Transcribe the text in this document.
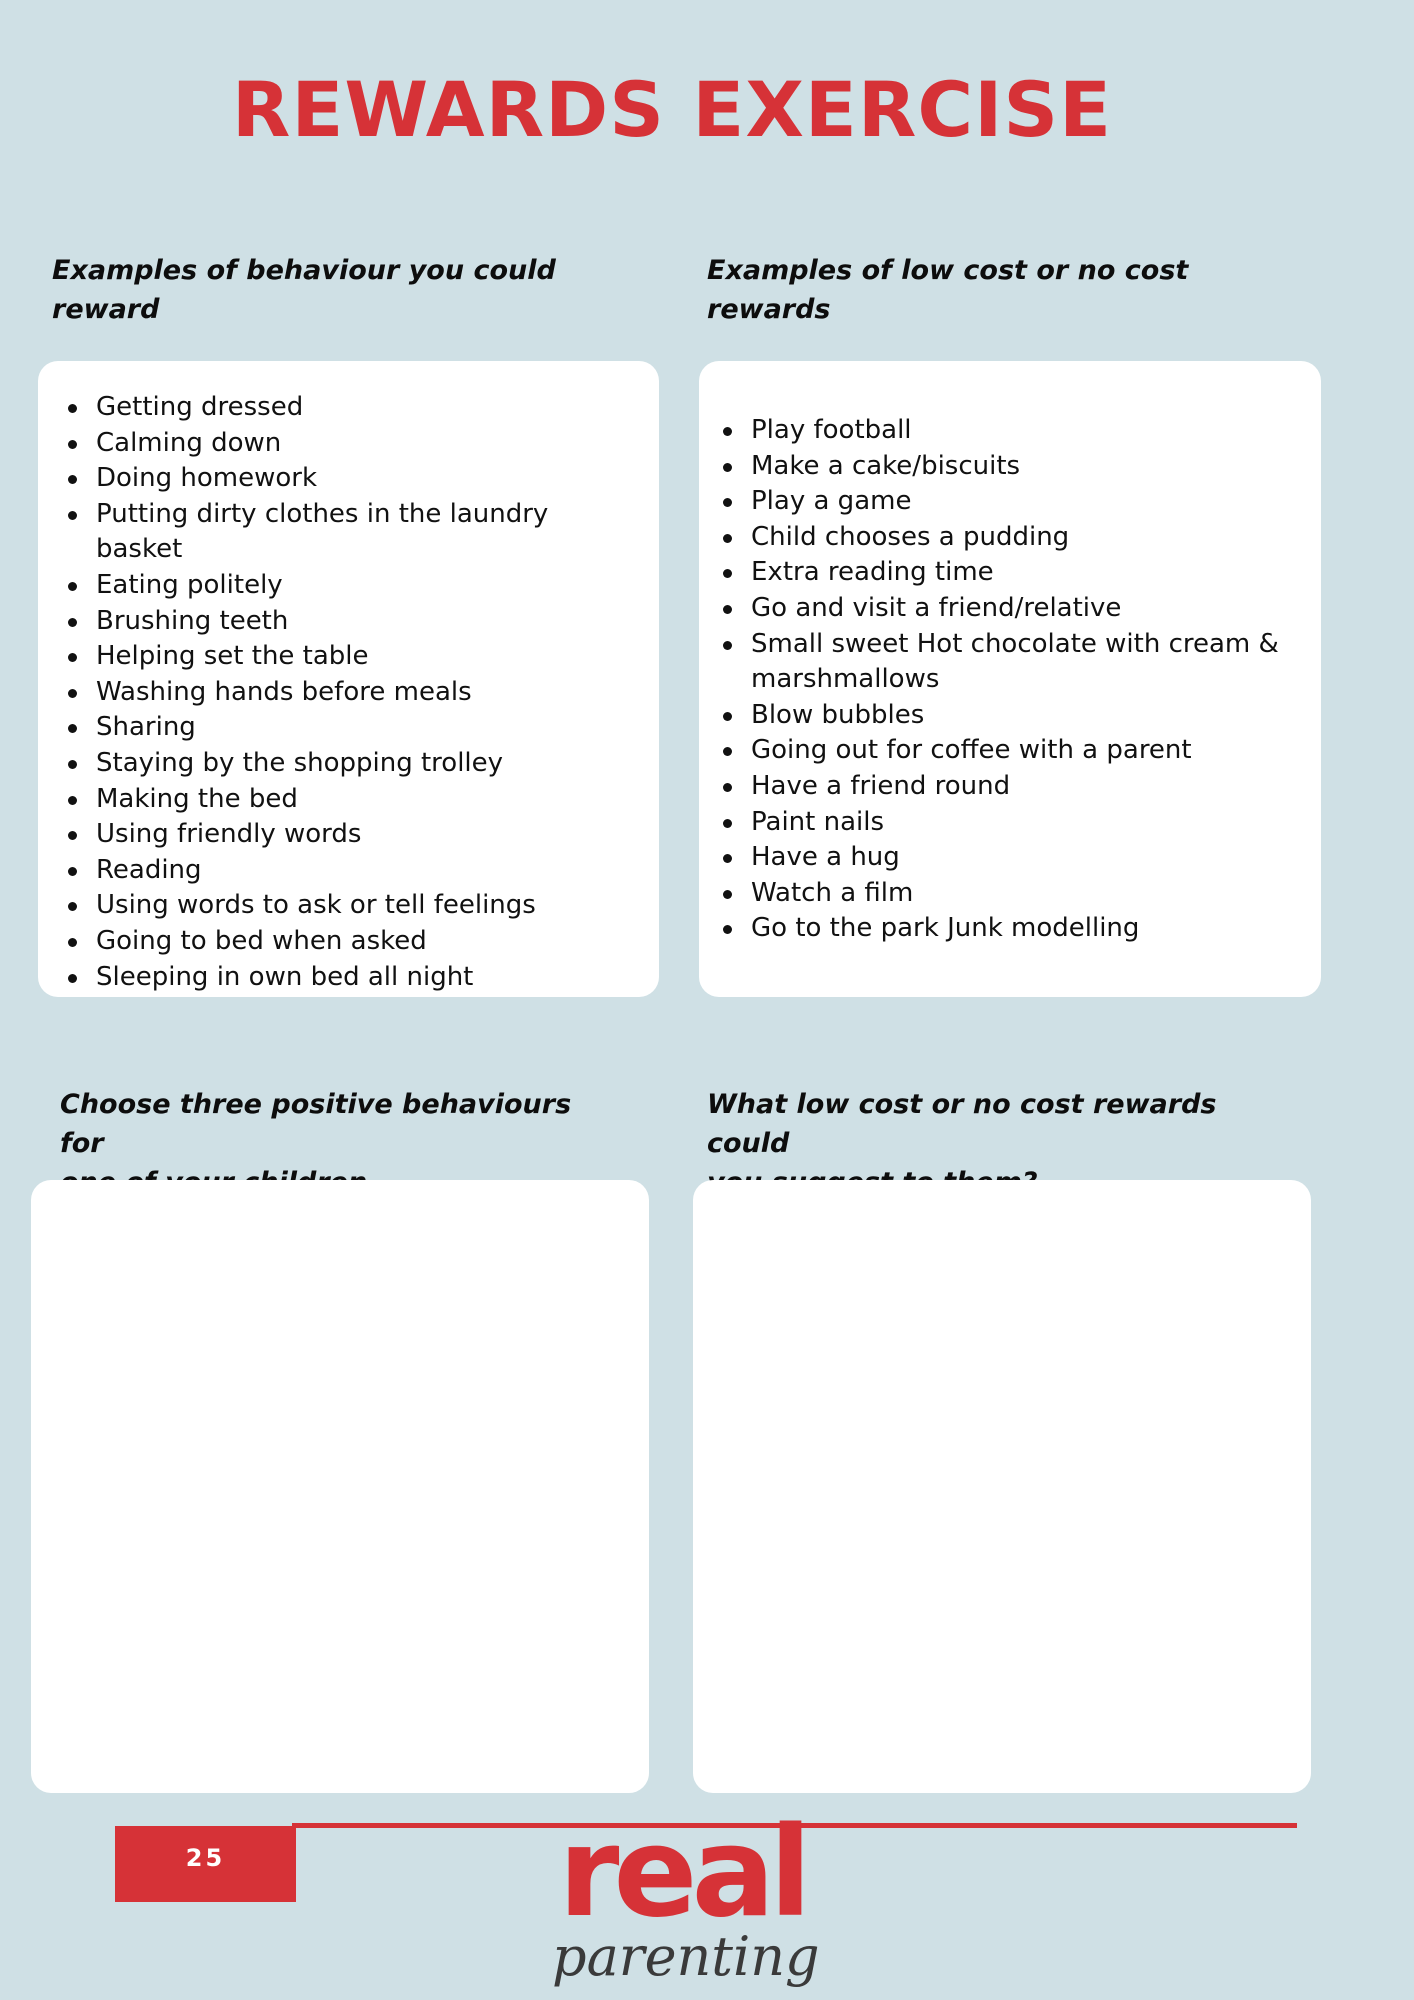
REWARDS EXERCISE
Examples of behaviour you could
reward
Examples of low cost or no cost
rewards
Getting dressed
Calming down
Doing homework
Putting dirty clothes in the laundry basket
Eating politely
Brushing teeth
Helping set the table
Washing hands before meals
Sharing
Staying by the shopping trolley
Making the bed
Using friendly words
Reading
Using words to ask or tell feelings
Going to bed when asked
Sleeping in own bed all night
Play football
Make a cake/biscuits
Play a game
Child chooses a pudding
Extra reading time
Go and visit a friend/relative
Small sweet Hot chocolate with cream & marshmallows
Blow bubbles
Going out for coffee with a parent
Have a friend round
Paint nails
Have a hug
Watch a film
Go to the park Junk modelling
Choose three positive behaviours for
What low cost or no cost rewards could
25	real
parenting
